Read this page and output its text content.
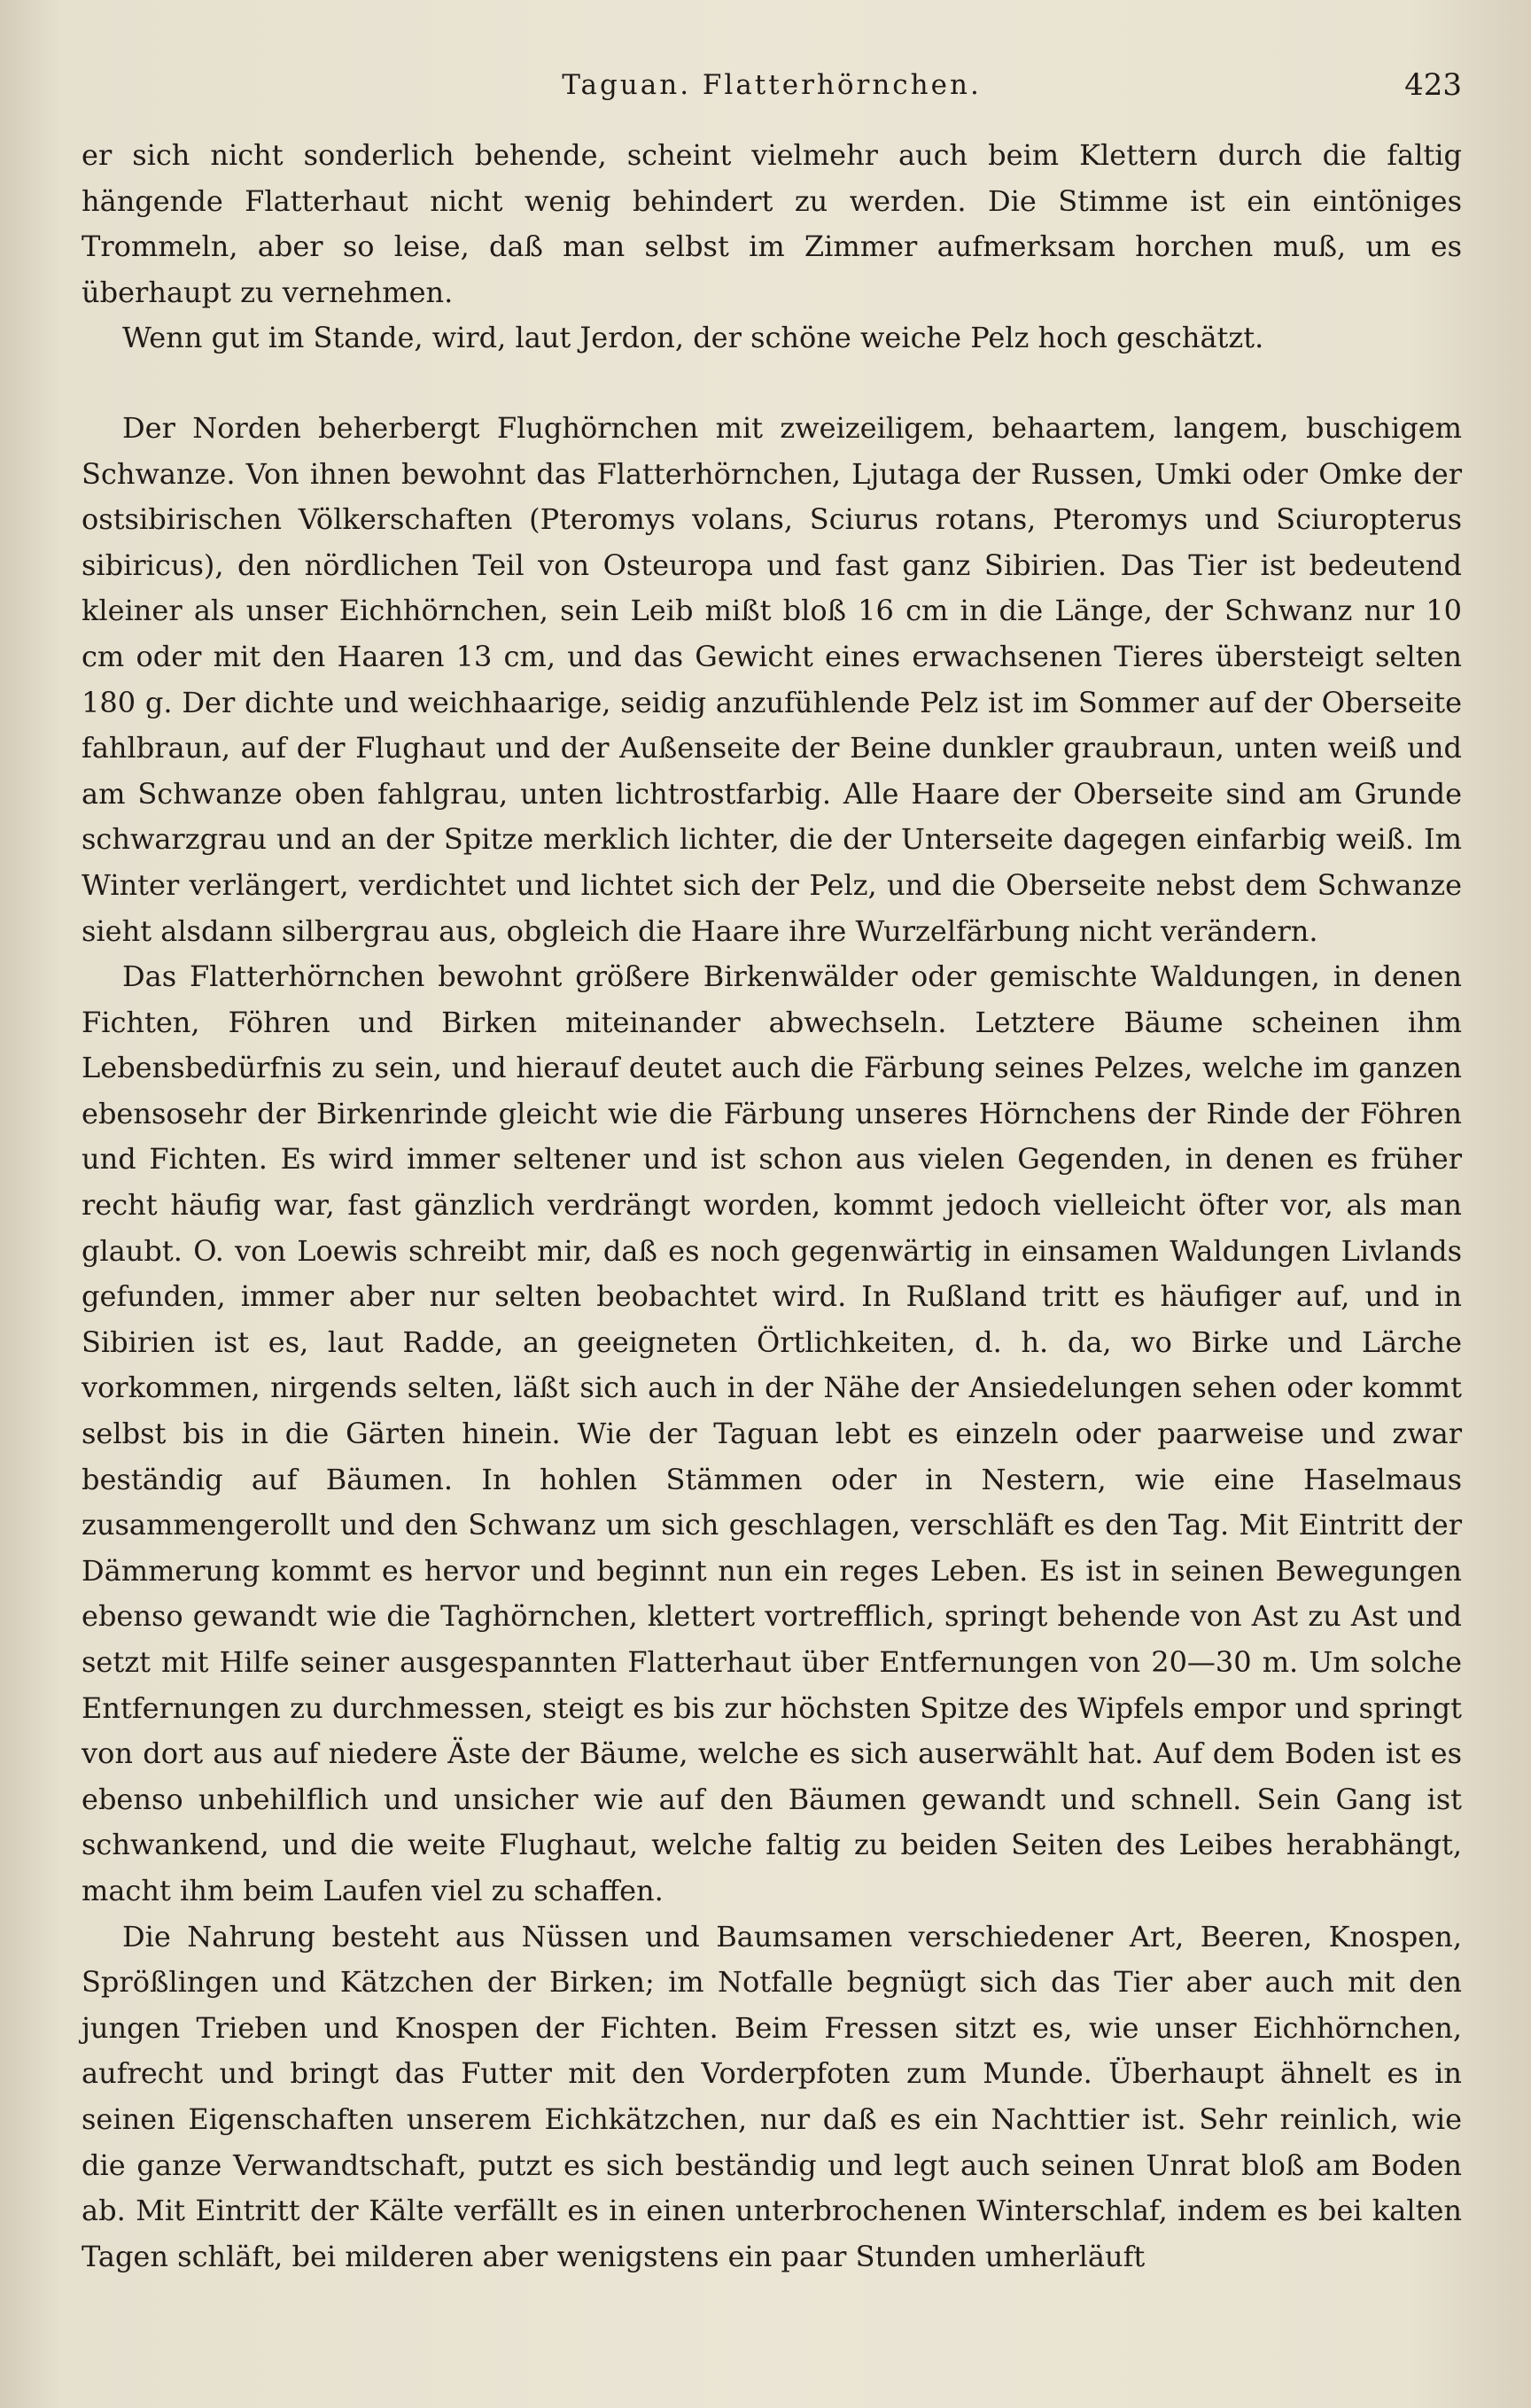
Taguan. Flatterhörnchen.	423

er sich nicht sonderlich behende, scheint vielmehr auch beim Klettern durch die faltig hängende Flatterhaut nicht wenig behindert zu werden. Die Stimme ist ein eintöniges Trommeln, aber so leise, daß man selbst im Zimmer aufmerksam horchen muß, um es überhaupt zu vernehmen.

Wenn gut im Stande, wird, laut Jerdon, der schöne weiche Pelz hoch geschätzt.

Der Norden beherbergt Flughörnchen mit zweizeiligem, behaartem, langem, buschigem Schwanze. Von ihnen bewohnt das Flatterhörnchen, Ljutaga der Russen, Umki oder Omke der ostsibirischen Völkerschaften (Pteromys volans, Sciurus rotans, Pteromys und Sciuropterus sibiricus), den nördlichen Teil von Osteuropa und fast ganz Sibirien. Das Tier ist bedeutend kleiner als unser Eichhörnchen, sein Leib mißt bloß 16 cm in die Länge, der Schwanz nur 10 cm oder mit den Haaren 13 cm, und das Gewicht eines erwachsenen Tieres übersteigt selten 180 g. Der dichte und weichhaarige, seidig anzufühlende Pelz ist im Sommer auf der Oberseite fahlbraun, auf der Flughaut und der Außenseite der Beine dunkler graubraun, unten weiß und am Schwanze oben fahlgrau, unten lichtrostfarbig. Alle Haare der Oberseite sind am Grunde schwarzgrau und an der Spitze merklich lichter, die der Unterseite dagegen einfarbig weiß. Im Winter verlängert, verdichtet und lichtet sich der Pelz, und die Oberseite nebst dem Schwanze sieht alsdann silbergrau aus, obgleich die Haare ihre Wurzelfärbung nicht verändern.

Das Flatterhörnchen bewohnt größere Birkenwälder oder gemischte Waldungen, in denen Fichten, Föhren und Birken miteinander abwechseln. Letztere Bäume scheinen ihm Lebensbedürfnis zu sein, und hierauf deutet auch die Färbung seines Pelzes, welche im ganzen ebensosehr der Birkenrinde gleicht wie die Färbung unseres Hörnchens der Rinde der Föhren und Fichten. Es wird immer seltener und ist schon aus vielen Gegenden, in denen es früher recht häufig war, fast gänzlich verdrängt worden, kommt jedoch vielleicht öfter vor, als man glaubt. O. von Loewis schreibt mir, daß es noch gegenwärtig in einsamen Waldungen Livlands gefunden, immer aber nur selten beobachtet wird. In Rußland tritt es häufiger auf, und in Sibirien ist es, laut Radde, an geeigneten Örtlichkeiten, d. h. da, wo Birke und Lärche vorkommen, nirgends selten, läßt sich auch in der Nähe der Ansiedelungen sehen oder kommt selbst bis in die Gärten hinein. Wie der Taguan lebt es einzeln oder paarweise und zwar beständig auf Bäumen. In hohlen Stämmen oder in Nestern, wie eine Haselmaus zusammengerollt und den Schwanz um sich geschlagen, verschläft es den Tag. Mit Eintritt der Dämmerung kommt es hervor und beginnt nun ein reges Leben. Es ist in seinen Bewegungen ebenso gewandt wie die Taghörnchen, klettert vortrefflich, springt behende von Ast zu Ast und setzt mit Hilfe seiner ausgespannten Flatterhaut über Entfernungen von 20—30 m. Um solche Entfernungen zu durchmessen, steigt es bis zur höchsten Spitze des Wipfels empor und springt von dort aus auf niedere Äste der Bäume, welche es sich auserwählt hat. Auf dem Boden ist es ebenso unbehilflich und unsicher wie auf den Bäumen gewandt und schnell. Sein Gang ist schwankend, und die weite Flughaut, welche faltig zu beiden Seiten des Leibes herabhängt, macht ihm beim Laufen viel zu schaffen.

Die Nahrung besteht aus Nüssen und Baumsamen verschiedener Art, Beeren, Knospen, Sprößlingen und Kätzchen der Birken; im Notfalle begnügt sich das Tier aber auch mit den jungen Trieben und Knospen der Fichten. Beim Fressen sitzt es, wie unser Eichhörnchen, aufrecht und bringt das Futter mit den Vorderpfoten zum Munde. Überhaupt ähnelt es in seinen Eigenschaften unserem Eichkätzchen, nur daß es ein Nachttier ist. Sehr reinlich, wie die ganze Verwandtschaft, putzt es sich beständig und legt auch seinen Unrat bloß am Boden ab. Mit Eintritt der Kälte verfällt es in einen unterbrochenen Winterschlaf, indem es bei kalten Tagen schläft, bei milderen aber wenigstens ein paar Stunden umherläuft
